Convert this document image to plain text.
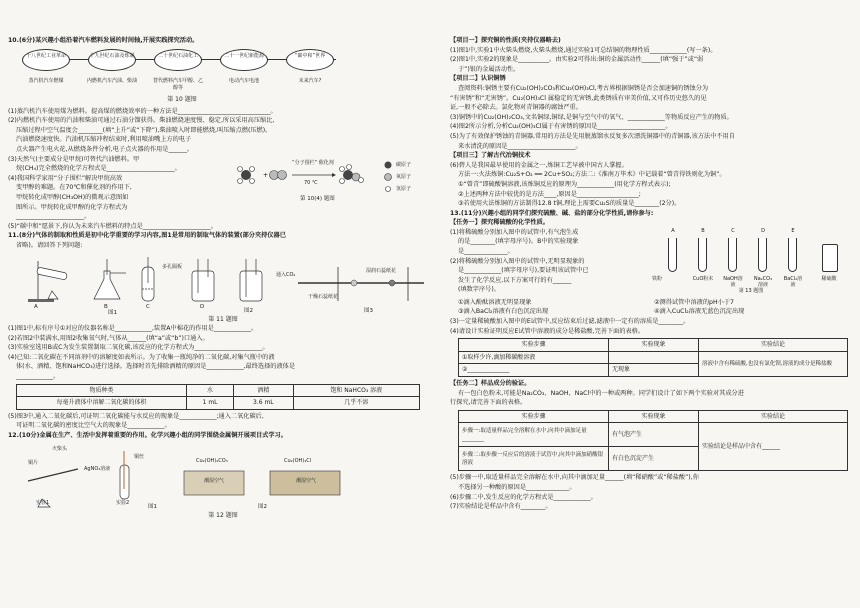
10.(6分)某兴趣小组沿着汽车燃料发展的时间轴,开展实践探究活动。

十八世纪工业革命	十九世纪石油及炼制	二十世纪石油化工	二十一世纪新能源	“碳中和”世界
蒸汽机汽车燃煤	内燃机汽车汽油、柴油	替代燃料汽车甲醇、乙醇等
电动汽车电池	未来汽车?

第 10 题图

(1)蒸汽机汽车使用煤为燃料。提高煤的燃烧效率的一种方法是______________________________。

(2)内燃机汽车使用的汽油和柴油可通过石油分馏获得。柴油燃烧速度慢、稳定,所以采用高压缩比,

压缩过程中空气温度会________(填“上升”或“下降”),柴油喷入时即能燃烧,叫压缩点燃(压燃)。

汽油燃烧速度快。汽油机压缩冲程结束时,利用喷油嘴上方的电子

点火器产生电火花,从燃烧条件分析,电子点火器的作用是______。

(3)天然气(主要成分是甲烷)可替代汽油燃料。甲

烷(CH₄)完全燃烧的化学方程式是______________________。

(4)我国科学家用“分子围栏”解决甲烷高效

变甲醇的难题。在70℃和催化剂的作用下,

甲烷转化成甲醇(CH₃OH)的微观示意图如

图所示。甲烷转化成甲醇的化学方程式为

______________________。

(5)“碳中和”愿景下,你认为未来汽车燃料的特点是______________________。

+
“分子围栏” 催化剂
70 ℃
碳原子
氧原子
氢原子
第 10(4) 题图

11.(8分)气体的制取和性质是初中化学重要的学习内容,图1是常用的制取气体的装置(部分夹持仪器已

省略)。请回答下列问题:

A	B	C	D
多孔隔板
图1	图2	图3
通入CO₂
干燥石蕊纸花
湿润石蕊纸花

第 11 题图

(1)图1中,标有序号①对应的仪器名称是____________,装置A中棉花的作用是____________。

(2)若图2中装满水,用图2收集氧气时,气体从______(填“a”或“b”)口通入。

(3)实验室选用B或C为发生装置制取二氧化碳,该反应的化学方程式为______________________。

(4)已知:二氧化碳在不同溶剂中的溶解度如表所示。为了收集一瓶纯净的二氧化碳,对集气瓶中的液

体(水、酒精、饱和NaHCO₃)进行选择。选择时首先排除酒精的原因是____________,最终选择的液体是

____________。

物质种类	水	酒精	饱和 NaHCO₃ 溶液
每毫升液体中溶解二氧化碳的体积	1 mL	3.6 mL	几乎不溶

(5)图3中,通入二氧化碳后,可证明二氧化碳能与水反应的现象是____________;通入二氧化碳后,

可证明二氧化碳的密度比空气大的现象是____________。

12.(10分)金属在生产、生活中发挥着重要的作用。化学兴趣小组的同学围绕金属铜开展项目式学习。

火柴头
铜片
AgNO₃溶液
铜丝
Cu₂(OH)₂CO₃
潮湿空气
Cu₂(OH)₃Cl
潮湿空气
实验1	实验2
图1	图2

第 12 题图

【项目一】探究铜的性质(夹持仪器略去)

(1)图1中,实验1中火柴头燃烧,火柴头燃烧,通过实验1可总结铜的物理性质____________(写一条)。

(2)图1中,实验2的现象是__________。由实验2可得出:铜的金属活动性______(填“强于”或“弱

于”)银的金属活动性。

【项目二】认识铜锈

查阅资料:铜锈主要有Cu₂(OH)₂CO₃和Cu₂(OH)₃Cl,考古界根据铜锈是否会加速铜的锈蚀分为

“有害锈”和“无害锈”。Cu₂(OH)₃Cl 属稳定的无害锈,此类锈质有审美价值,又可作历史悠久的见

证,一般不必除去。氯化物对青铜器的腐蚀严重。

(3)铜锈中的Cu₂(OH)₂CO₃,文名铜绿,铜绿,是铜与空气中的氧气、____________等物质反应产生的物质。

(4)图2所示分析,分析Cu₂(OH)₃Cl属于有害锈的原因是______________________。

(5)为了有效保护锈蚀的青铜器,常用的方法是先用脱蒸馏水反复多次漂洗铜器中的青铜器,该方法中不用自

来水清洗的原因是______________________。

【项目三】了解古代冶铜技术

(6)碧人是我国最早使用的金属之一,炼铜工艺早被中国古人掌握。

方法一:火法炼铜:Cu₂S+O₂ ══ 2Cu+SO₂;方法二:《淮南万毕术》中记载着“曾青得铁则化为铜”。

①“曾青”即硫酸铜溶液,该炼铜反应的原理为____________(用化学方程式表示);

②上述两种方法中较优的是方法____,原因是____________________;

③若使用火法炼铜的方法制得12.8 t铜,理论上需要Cu₂S的质量是________(2分)。

13.(11分)兴趣小组的同学们探究硫酸、碱、盐的部分化学性质,请你参与:

【任务一】探究稀硫酸的化学性质。

(1)将稀硫酸分别加入图中的试管中,有气泡生成

的是________(填字母序号)。B中的实验现象

是______________。

(2)将稀硫酸分别加入图中的试管中,无明显现象的

是____________(填字母序号),要证明该试管中已

发生了化学反应,以下方案可行的有______

(填数字序号)。

A	B	C	D	E
铁粉	CuO粉末 NaOH溶液
Na₂CO₃溶液
BaCl₂溶液
稀硫酸
第 13 题图

①滴入酚酞溶液无明显现象	②测得试管中溶液的pH小于7

③滴入BaCl₂溶液有白色沉淀出现	④滴入CuCl₂溶液无蓝色沉淀出现

(3)一定量稀硫酸加入图中的E试管中,反应结束后过滤,滤液中一定有的溶质是________。

(4)请设计实验证明反应E试管中溶液的成分是稀盐酸,完善下面的表格。

实验步骤	实验现象	实验结论
①取样少许,滴加稀碳酸溶液		溶液中含有稀硫酸,也没有氯化钡,溶液的成分是稀盐酸
②______________	无现象	

【任务二】样品成分的验证。

有一包白色粉末,可能是Na₂CO₃、NaOH、NaCl中的一种或两种。同学们设计了如下两个实验对其成分进

行探究,请完善下面的表格。

实验步骤	实验现象	实验结论
步骤一:取适量样品完全溶解在水中,向其中滴加足量________	有气泡产生	实验结论是样品中含有______
步骤二:取步骤一反应后的溶液于试管中,向其中滴加硝酸银溶液	有白色沉淀产生	

(5)步骤一中,取适量样品完全溶解在水中,向其中滴加足量______(填“稀硝酸”或“稀盐酸”),你

不选择另一种酸的原因是______________。

(6)步骤二中,发生反应的化学方程式是____________。

(7)实验结论是样品中含有________。
